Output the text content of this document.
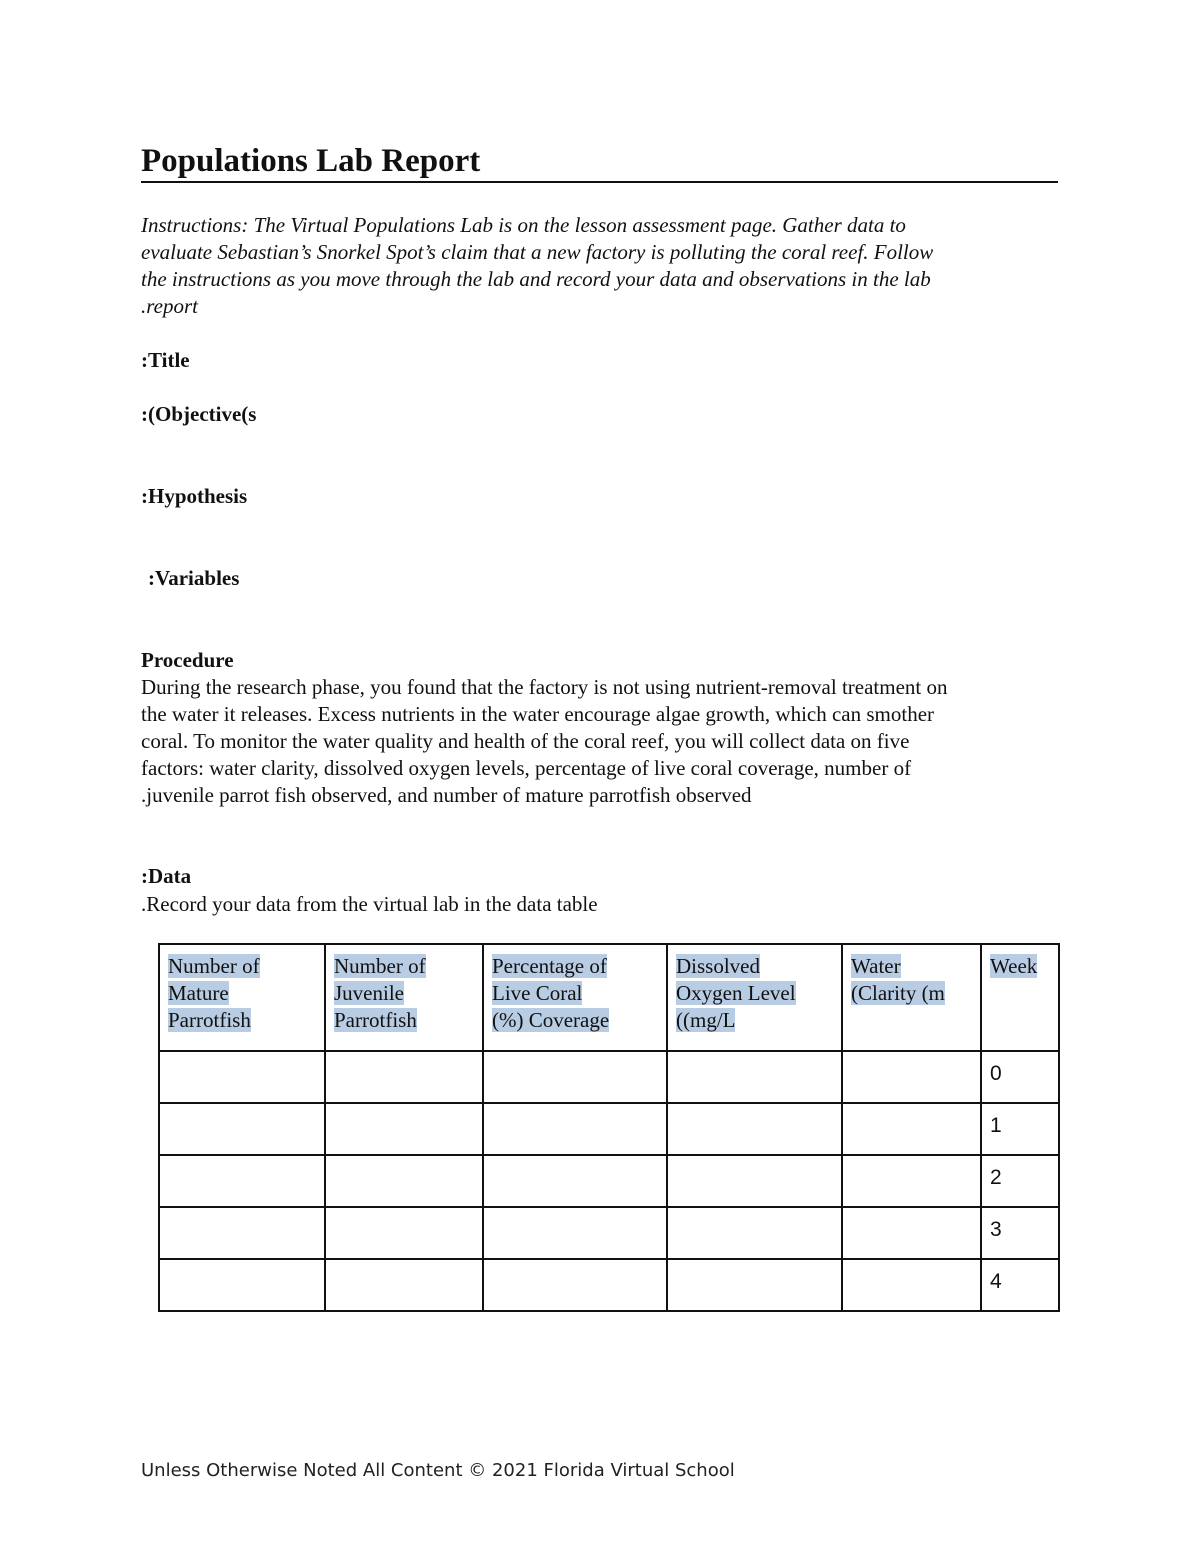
Populations Lab Report
Instructions: The Virtual Populations Lab is on the lesson assessment page. Gather data to
evaluate Sebastian’s Snorkel Spot’s claim that a new factory is polluting the coral reef. Follow
the instructions as you move through the lab and record your data and observations in the lab
.report
:Title
:(Objective(s
:Hypothesis
:Variables
Procedure
During the research phase, you found that the factory is not using nutrient-removal treatment on
the water it releases. Excess nutrients in the water encourage algae growth, which can smother
coral. To monitor the water quality and health of the coral reef, you will collect data on five
factors: water clarity, dissolved oxygen levels, percentage of live coral coverage, number of
.juvenile parrot fish observed, and number of mature parrotfish observed
:Data
.Record your data from the virtual lab in the data table
Number of
Mature
Parrotfish	Number of
Juvenile
Parrotfish	Percentage of
Live Coral
(%) Coverage	Dissolved
Oxygen Level
((mg/L	Water
(Clarity (m	Week
					0
					1
					2
					3
					4
Unless Otherwise Noted All Content © 2021 Florida Virtual School
